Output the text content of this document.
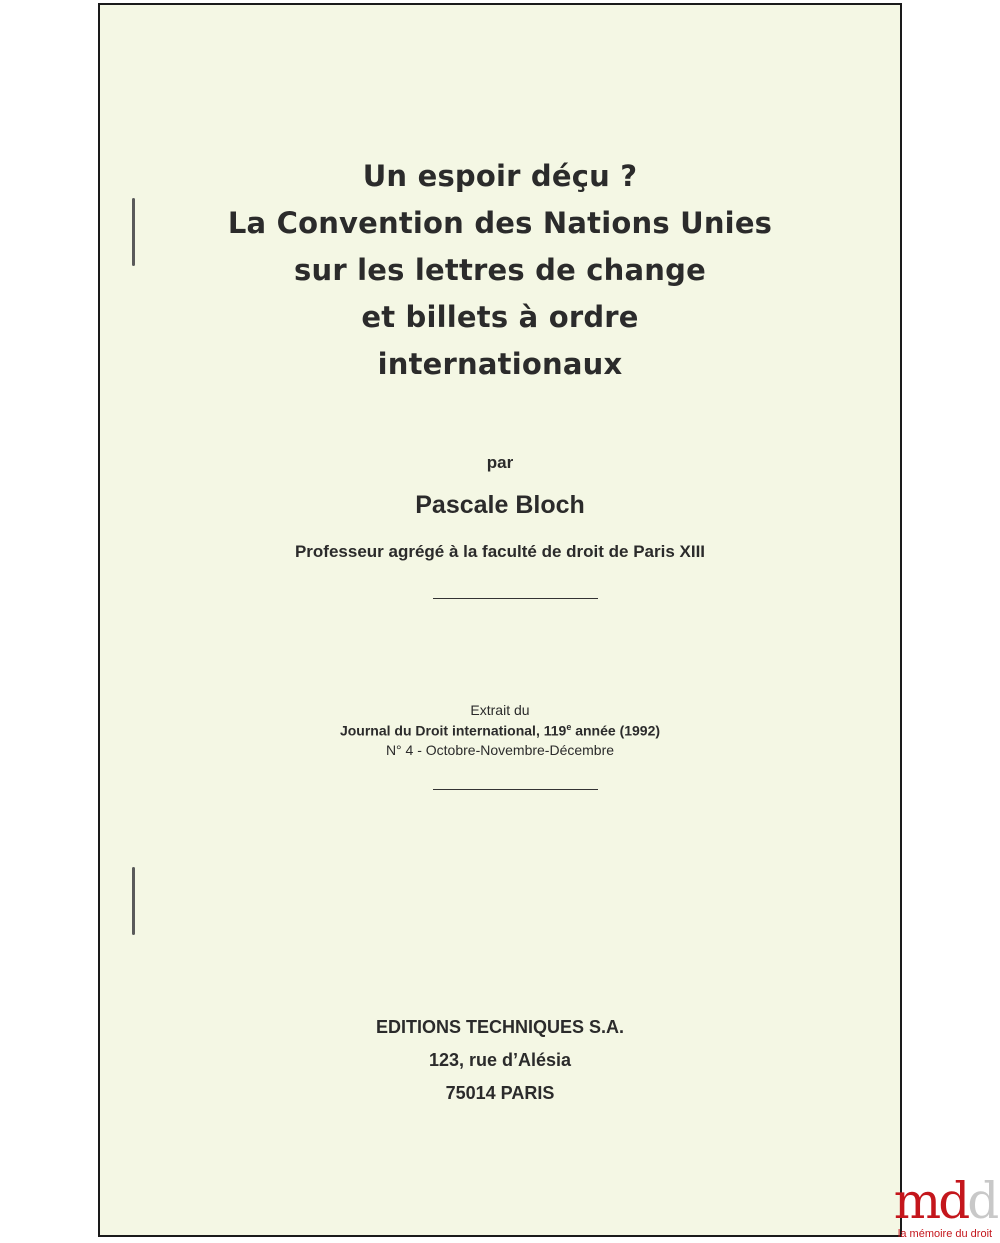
Un espoir déçu ?
La Convention des Nations Unies
sur les lettres de change
et billets à ordre
internationaux
par
Pascale Bloch
Professeur agrégé à la faculté de droit de Paris XIII
Extrait du
Journal du Droit international, 119e année (1992)
N° 4 - Octobre-Novembre-Décembre
EDITIONS TECHNIQUES S.A.
123, rue d’Alésia
75014 PARIS
mdd
la mémoire du droit
